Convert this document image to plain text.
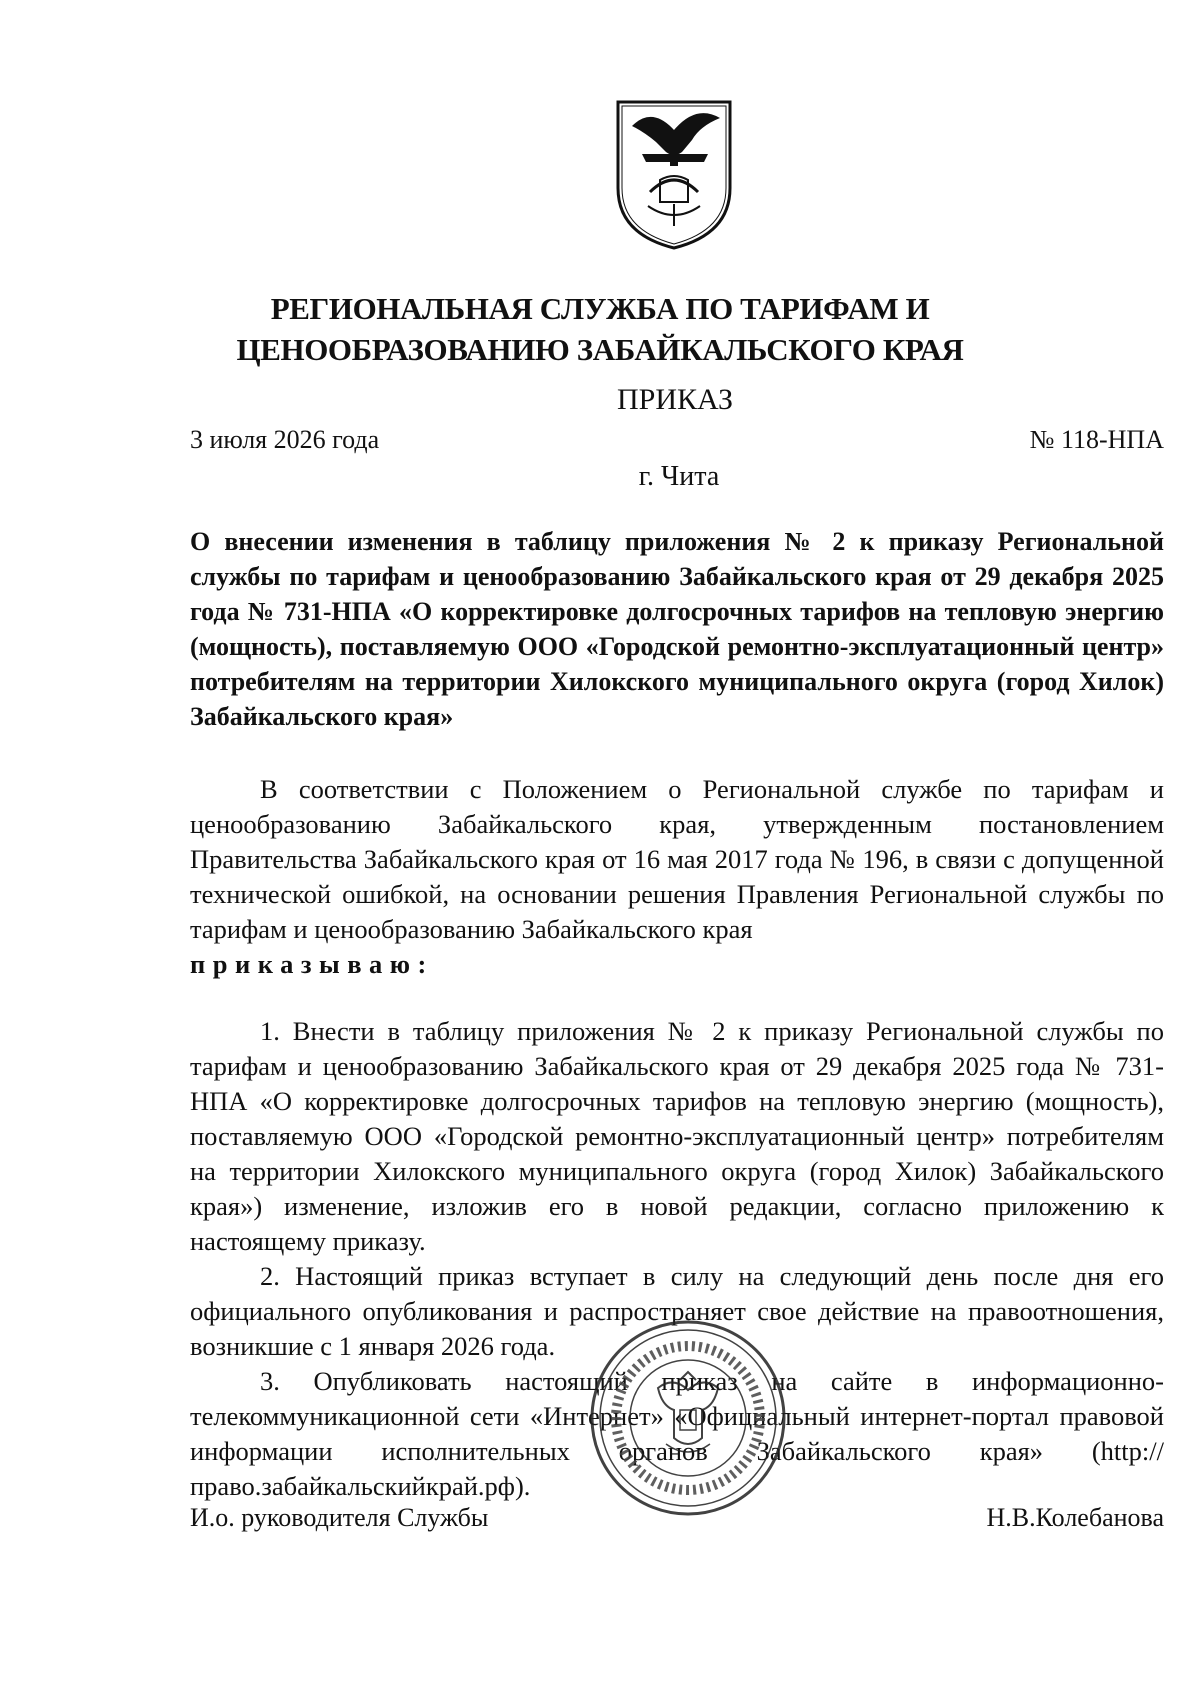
РЕГИОНАЛЬНАЯ СЛУЖБА ПО ТАРИФАМ И
ЦЕНООБРАЗОВАНИЮ ЗАБАЙКАЛЬСКОГО КРАЯ
ПРИКАЗ
3 июля 2026 года	№ 118-НПА
г. Чита
О внесении изменения в таблицу приложения № 2 к приказу Региональной службы по тарифам и ценообразованию Забайкальского края от 29 декабря 2025 года № 731-НПА «О корректировке долгосрочных тарифов на тепловую энергию (мощность), поставляемую ООО «Городской ремонтно-эксплуатационный центр» потребителям на территории Хилокского муниципального округа (город Хилок) Забайкальского края»

В соответствии с Положением о Региональной службе по тарифам и ценообразованию Забайкальского края, утвержденным постановлением Правительства Забайкальского края от 16 мая 2017 года № 196, в связи с допущенной технической ошибкой, на основании решения Правления Региональной службы по тарифам и ценообразованию Забайкальского края
приказываю:

1. Внести в таблицу приложения № 2 к приказу Региональной службы по тарифам и ценообразованию Забайкальского края от 29 декабря 2025 года № 731-НПА «О корректировке долгосрочных тарифов на тепловую энергию (мощность), поставляемую ООО «Городской ремонтно-эксплуатационный центр» потребителям на территории Хилокского муниципального округа (город Хилок) Забайкальского края») изменение, изложив его в новой редакции, согласно приложению к настоящему приказу.

2. Настоящий приказ вступает в силу на следующий день после дня его официального опубликования и распространяет свое действие на правоотношения, возникшие с 1 января 2026 года.

3. Опубликовать настоящий приказ на сайте в информационно-телекоммуникационной сети «Интернет» «Официальный интернет-портал правовой информации исполнительных органов Забайкальского края» (http://право.забайкальскийкрай.рф).

И.о. руководителя Службы	Н.В.Колебанова
